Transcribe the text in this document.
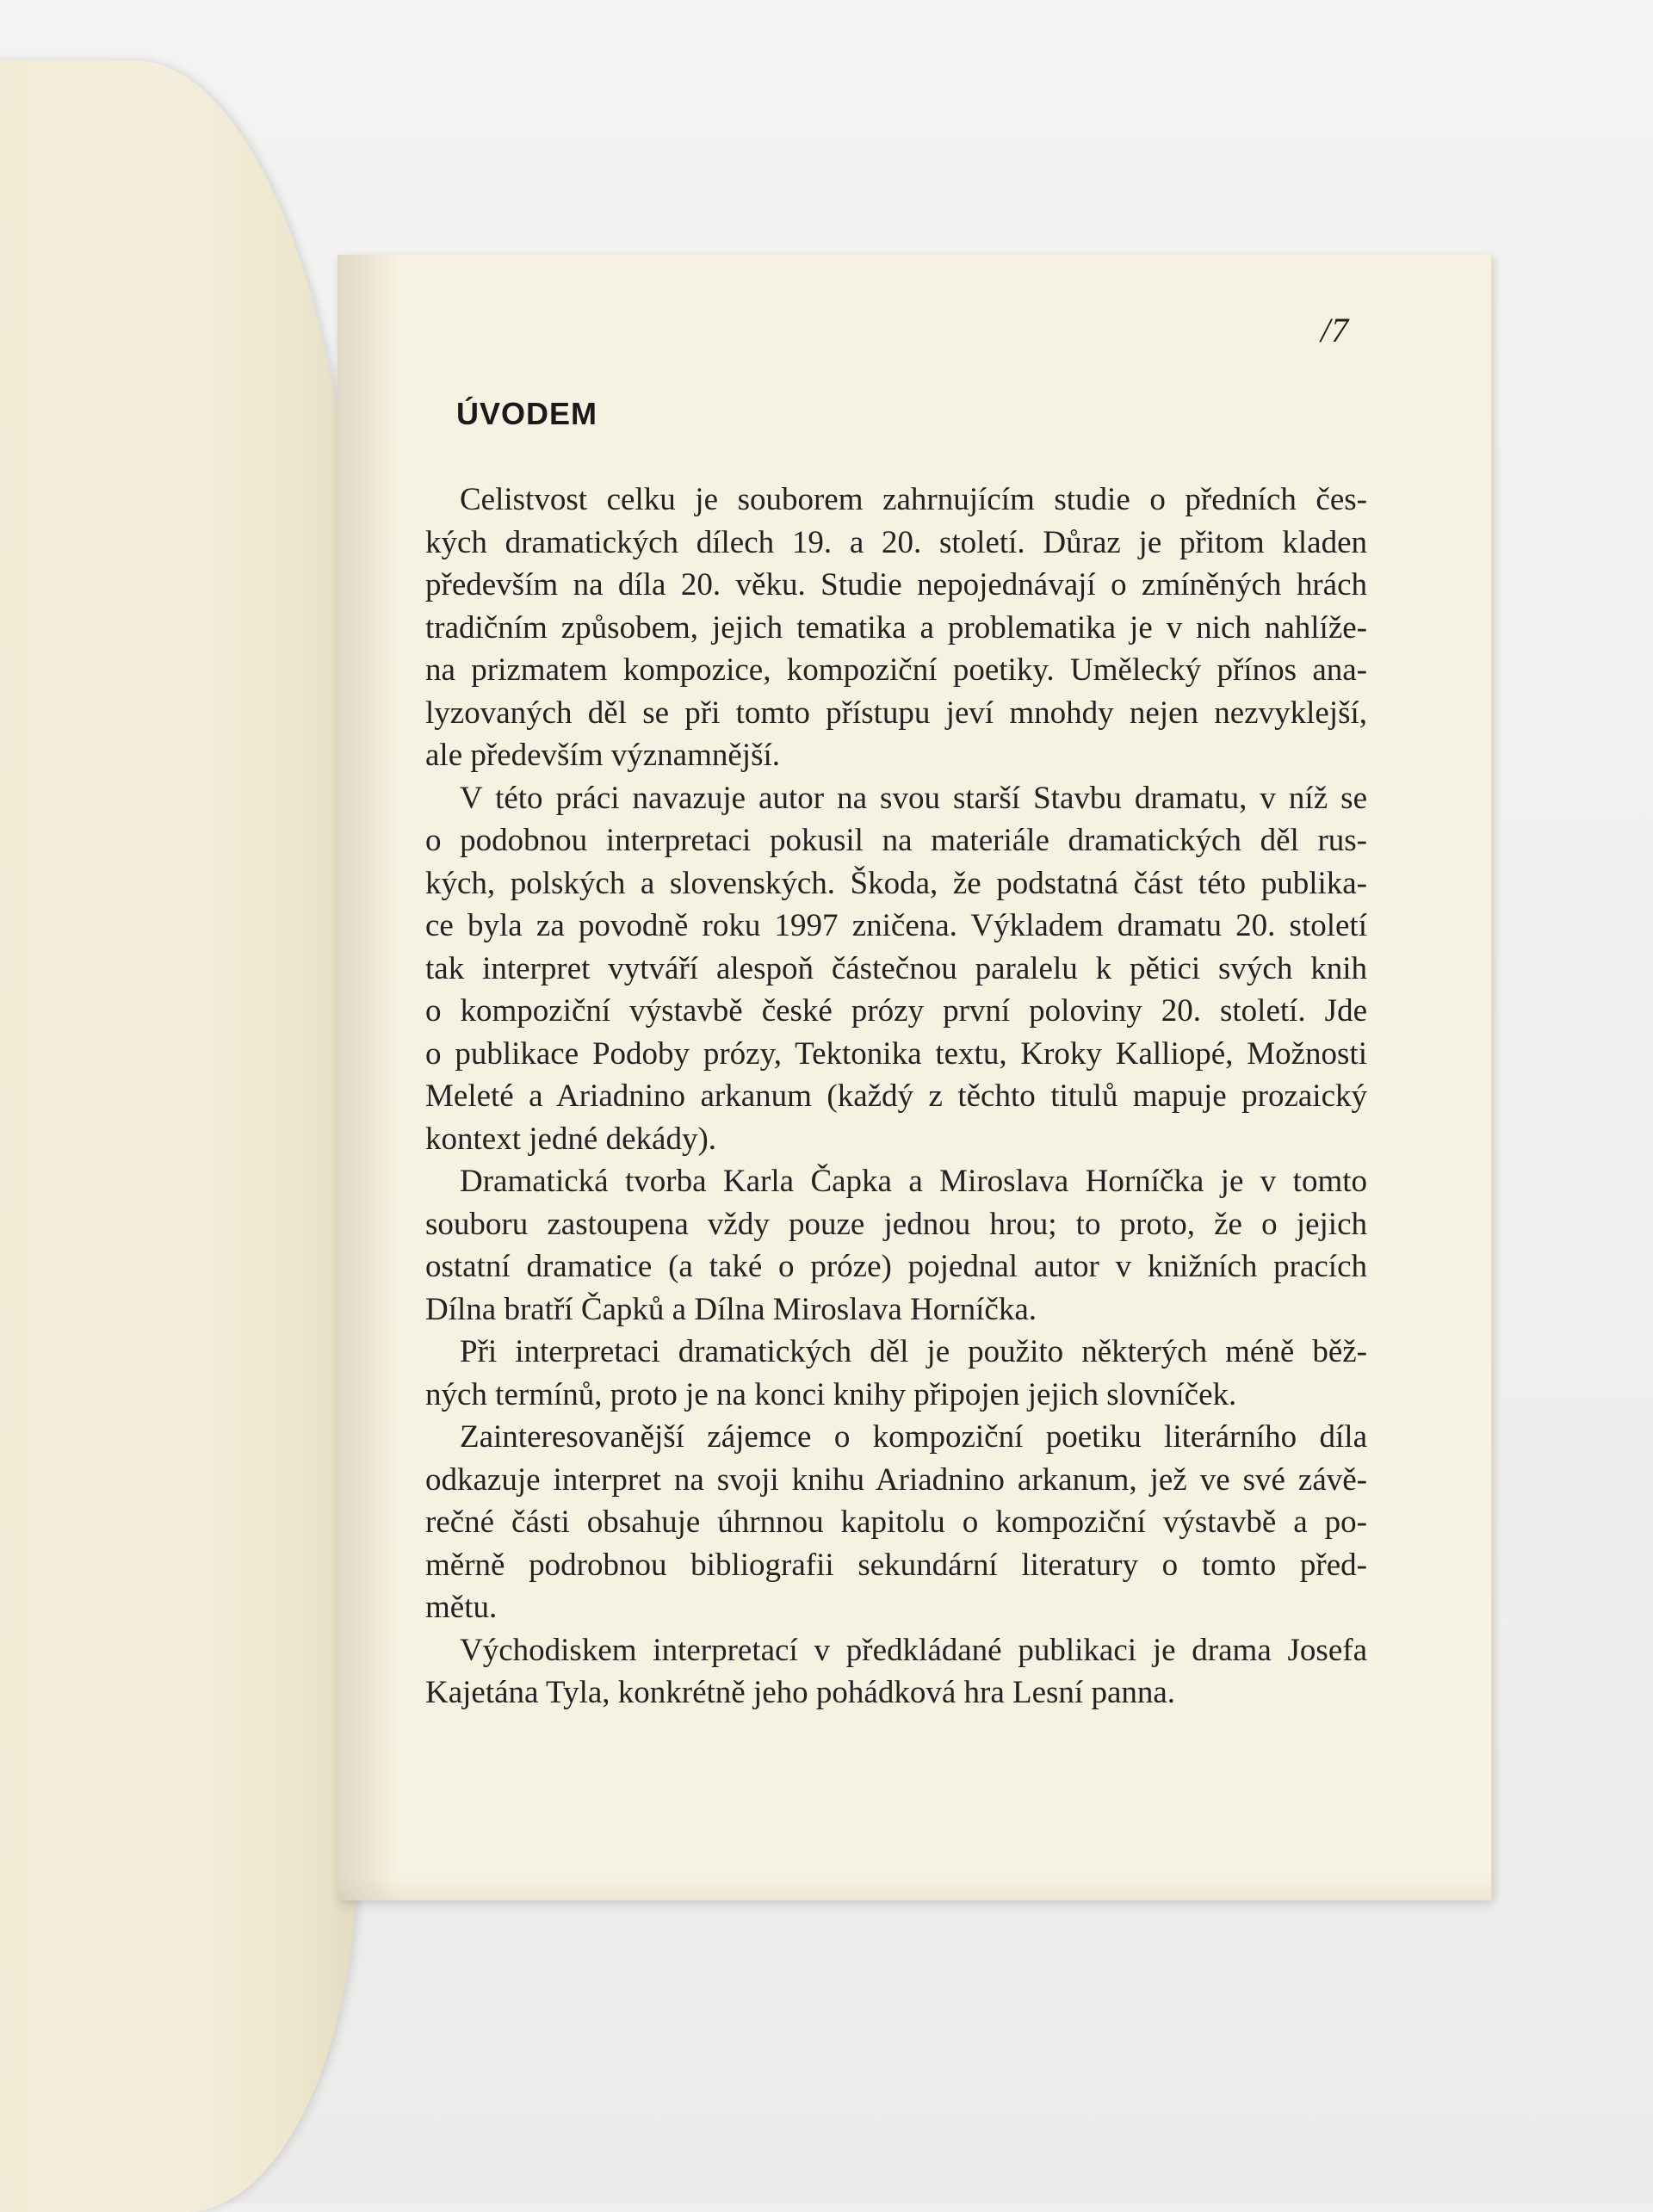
/7
ÚVODEM
Celistvost celku je souborem zahrnujícím studie o předních čes-
kých dramatických dílech 19. a 20. století. Důraz je přitom kladen
především na díla 20. věku. Studie nepojednávají o zmíněných hrách
tradičním způsobem, jejich tematika a problematika je v nich nahlíže-
na prizmatem kompozice, kompoziční poetiky. Umělecký přínos ana-
lyzovaných děl se při tomto přístupu jeví mnohdy nejen nezvyklejší,
ale především významnější.
V této práci navazuje autor na svou starší Stavbu dramatu, v níž se
o podobnou interpretaci pokusil na materiále dramatických děl rus-
kých, polských a slovenských. Škoda, že podstatná část této publika-
ce byla za povodně roku 1997 zničena. Výkladem dramatu 20. století
tak interpret vytváří alespoň částečnou paralelu k pětici svých knih
o kompoziční výstavbě české prózy první poloviny 20. století. Jde
o publikace Podoby prózy, Tektonika textu, Kroky Kalliopé, Možnosti
Meleté a Ariadnino arkanum (každý z těchto titulů mapuje prozaický
kontext jedné dekády).
Dramatická tvorba Karla Čapka a Miroslava Horníčka je v tomto
souboru zastoupena vždy pouze jednou hrou; to proto, že o jejich
ostatní dramatice (a také o próze) pojednal autor v knižních pracích
Dílna bratří Čapků a Dílna Miroslava Horníčka.
Při interpretaci dramatických děl je použito některých méně běž-
ných termínů, proto je na konci knihy připojen jejich slovníček.
Zainteresovanější zájemce o kompoziční poetiku literárního díla
odkazuje interpret na svoji knihu Ariadnino arkanum, jež ve své závě-
rečné části obsahuje úhrnnou kapitolu o kompoziční výstavbě a po-
měrně podrobnou bibliografii sekundární literatury o tomto před-
mětu.
Východiskem interpretací v předkládané publikaci je drama Josefa
Kajetána Tyla, konkrétně jeho pohádková hra Lesní panna.
